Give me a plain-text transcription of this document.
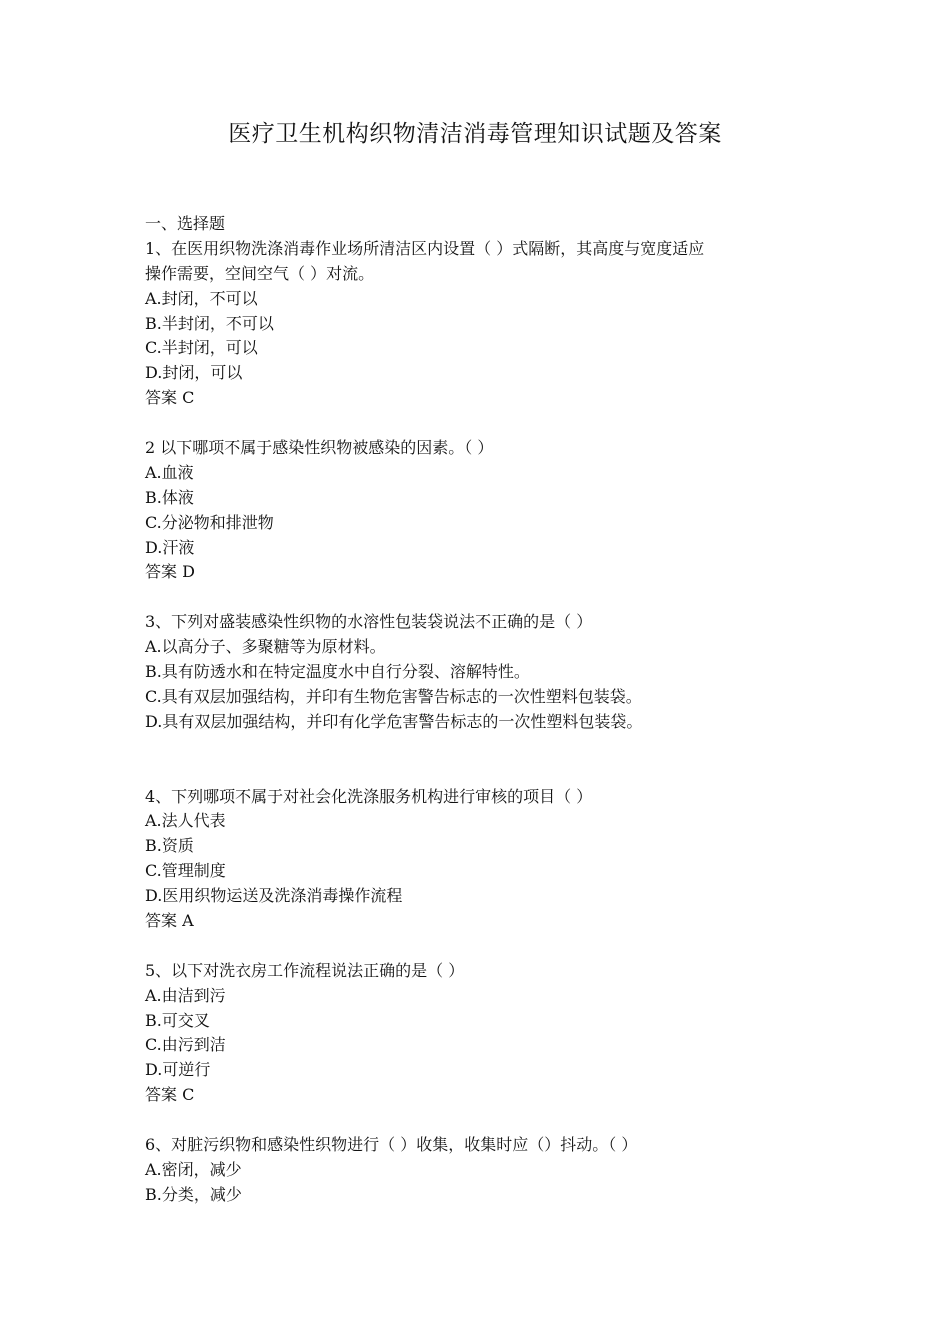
医疗卫生机构织物清洁消毒管理知识试题及答案
一、选择题
1、在医用织物洗涤消毒作业场所清洁区内设置（ ）式隔断，其高度与宽度适应
操作需要，空间空气（ ）对流。
A.封闭，不可以
B.半封闭，不可以
C.半封闭，可以
D.封闭，可以
答案 C
2 以下哪项不属于感染性织物被感染的因素。（ ）
A.血液
B.体液
C.分泌物和排泄物
D.汗液
答案 D
3、下列对盛装感染性织物的水溶性包装袋说法不正确的是（ ）
A.以高分子、多聚糖等为原材料。
B.具有防透水和在特定温度水中自行分裂、溶解特性。
C.具有双层加强结构，并印有生物危害警告标志的一次性塑料包装袋。
D.具有双层加强结构，并印有化学危害警告标志的一次性塑料包装袋。
4、下列哪项不属于对社会化洗涤服务机构进行审核的项目（ ）
A.法人代表
B.资质
C.管理制度
D.医用织物运送及洗涤消毒操作流程
答案 A
5、以下对洗衣房工作流程说法正确的是（ ）
A.由洁到污
B.可交叉
C.由污到洁
D.可逆行
答案 C
6、对脏污织物和感染性织物进行（ ）收集，收集时应（）抖动。（ ）
A.密闭，减少
B.分类，减少
